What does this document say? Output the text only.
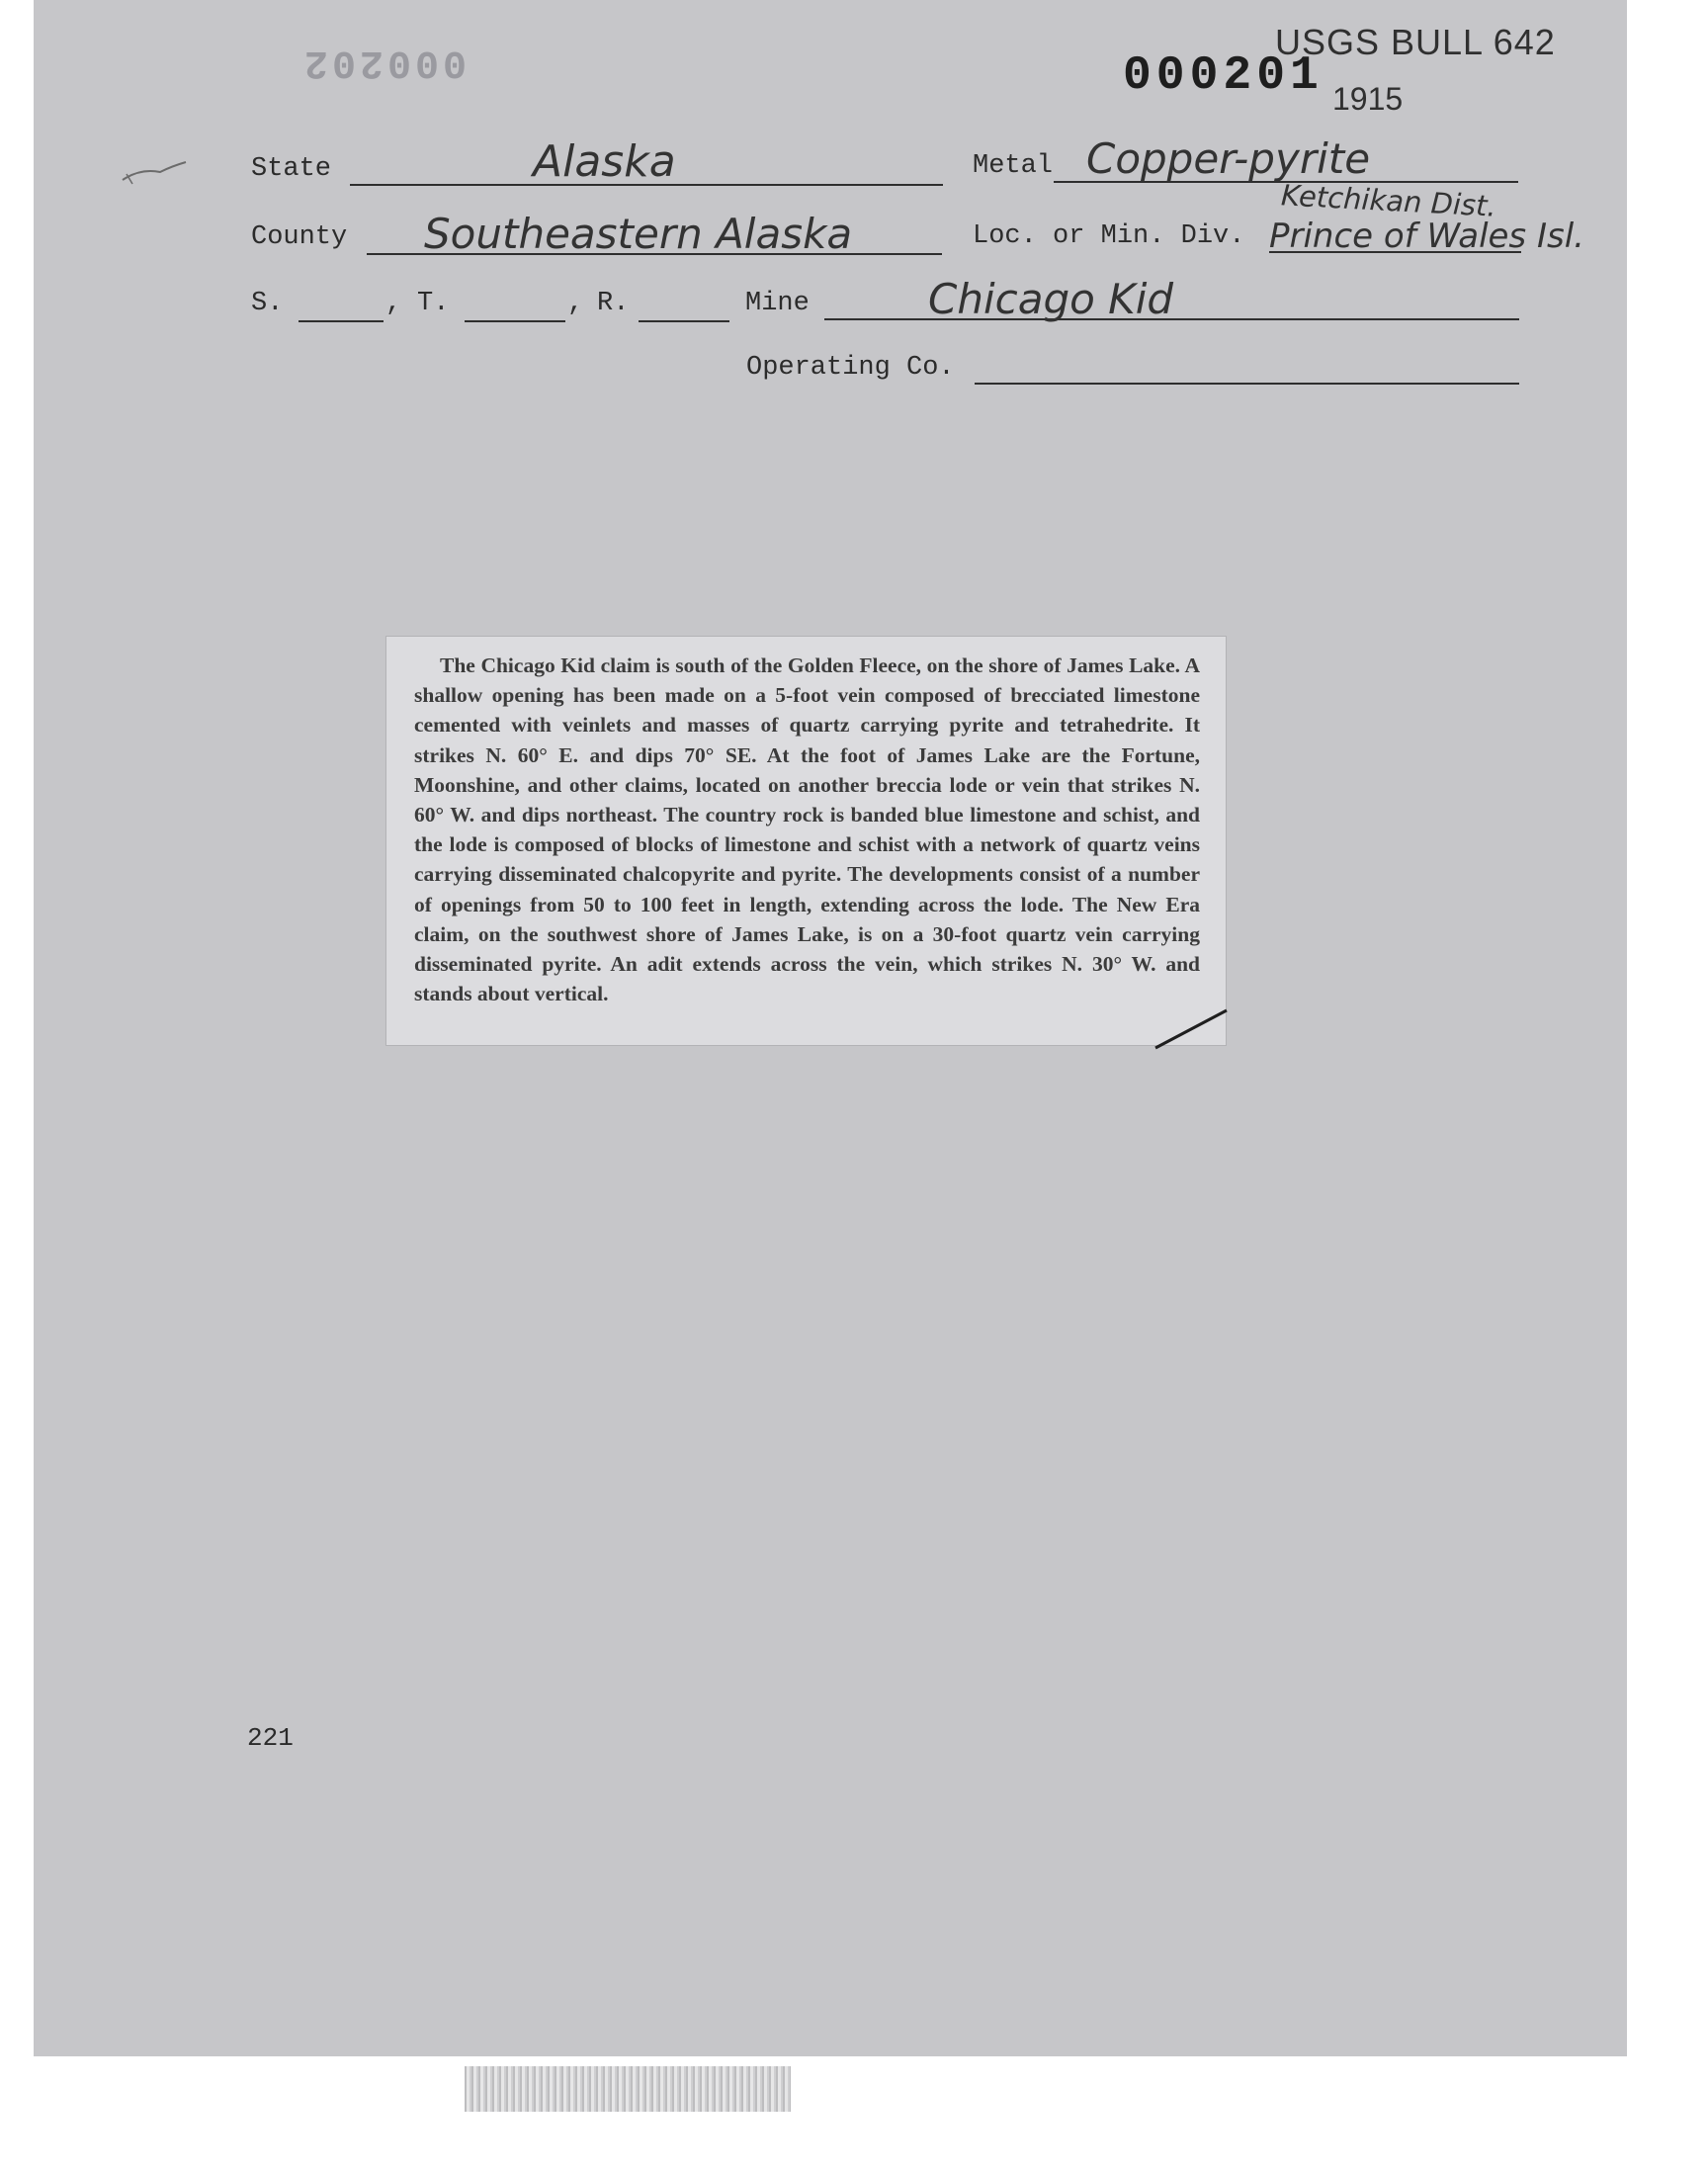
000202	USGS BULL 642
000201 1915
State	Alaska	Metal Copper-pyrite
County Southeastern Alaska	Loc. or Min. Div.
Ketchikan Dist.
Prince of Wales Isl.
S.	, T.	, R.	Mine	Chicago Kid
Operating Co.
221

The Chicago Kid claim is south of the Golden Fleece, on the shore of James Lake. A shallow opening has been made on a 5-foot vein composed of brecciated limestone cemented with veinlets and masses of quartz carrying pyrite and tetrahedrite. It strikes N. 60° E. and dips 70° SE. At the foot of James Lake are the Fortune, Moonshine, and other claims, located on another breccia lode or vein that strikes N. 60° W. and dips northeast. The country rock is banded blue limestone and schist, and the lode is composed of blocks of limestone and schist with a network of quartz veins carrying disseminated chalcopyrite and pyrite. The developments consist of a number of openings from 50 to 100 feet in length, extending across the lode. The New Era claim, on the southwest shore of James Lake, is on a 30-foot quartz vein carrying disseminated pyrite. An adit extends across the vein, which strikes N. 30° W. and stands about vertical.
